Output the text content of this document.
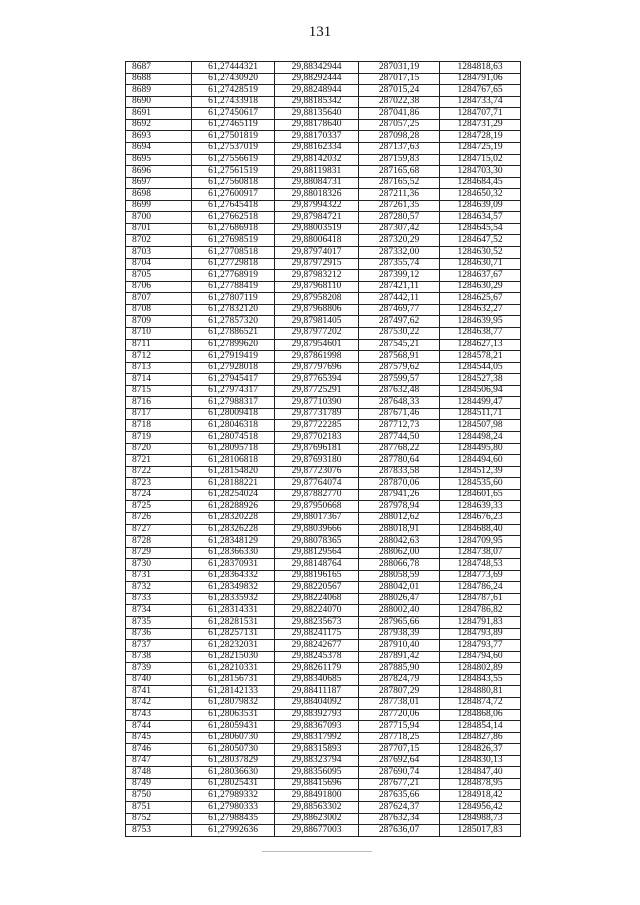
131
8687	61,27444321	29,88342944	287031,19	1284818,63
8688	61,27430920	29,88292444	287017,15	1284791,06
8689	61,27428519	29,88248944	287015,24	1284767,65
8690	61,27433918	29,88185342	287022,38	1284733,74
8691	61,27450617	29,88135640	287041,86	1284707,71
8692	61,27465119	29,88178640	287057,25	1284731,29
8693	61,27501819	29,88170337	287098,28	1284728,19
8694	61,27537019	29,88162334	287137,63	1284725,19
8695	61,27556619	29,88142032	287159,83	1284715,02
8696	61,27561519	29,88119831	287165,68	1284703,30
8697	61,27560818	29,88084731	287165,52	1284684,45
8698	61,27600917	29,88018326	287211,36	1284650,32
8699	61,27645418	29,87994322	287261,35	1284639,09
8700	61,27662518	29,87984721	287280,57	1284634,57
8701	61,27686918	29,88003519	287307,42	1284645,54
8702	61,27698519	29,88006418	287320,29	1284647,52
8703	61,27708518	29,87974017	287332,00	1284630,52
8704	61,27729818	29,87972915	287355,74	1284630,71
8705	61,27768919	29,87983212	287399,12	1284637,67
8706	61,27788419	29,87968110	287421,11	1284630,29
8707	61,27807119	29,87958208	287442,11	1284625,67
8708	61,27832120	29,87968806	287469,77	1284632,27
8709	61,27857320	29,87981405	287497,62	1284639,95
8710	61,27886521	29,87977202	287530,22	1284638,77
8711	61,27899620	29,87954601	287545,21	1284627,13
8712	61,27919419	29,87861998	287568,91	1284578,21
8713	61,27928018	29,87797696	287579,62	1284544,05
8714	61,27945417	29,87765394	287599,57	1284527,38
8715	61,27974317	29,87725291	287632,48	1284506,94
8716	61,27988317	29,87710390	287648,33	1284499,47
8717	61,28009418	29,87731789	287671,46	1284511,71
8718	61,28046318	29,87722285	287712,73	1284507,98
8719	61,28074518	29,87702183	287744,50	1284498,24
8720	61,28095718	29,87696181	287768,22	1284495,80
8721	61,28106818	29,87693180	287780,64	1284494,60
8722	61,28154820	29,87723076	287833,58	1284512,39
8723	61,28188221	29,87764074	287870,06	1284535,60
8724	61,28254024	29,87882770	287941,26	1284601,65
8725	61,28288926	29,87950668	287978,94	1284639,33
8726	61,28320228	29,88017367	288012,62	1284676,23
8727	61,28326228	29,88039666	288018,91	1284688,40
8728	61,28348129	29,88078365	288042,63	1284709,95
8729	61,28366330	29,88129564	288062,00	1284738,07
8730	61,28370931	29,88148764	288066,78	1284748,53
8731	61,28364332	29,88196165	288058,59	1284773,69
8732	61,28349832	29,88220567	288042,01	1284786,24
8733	61,28335932	29,88224068	288026,47	1284787,61
8734	61,28314331	29,88224070	288002,40	1284786,82
8735	61,28281531	29,88235673	287965,66	1284791,83
8736	61,28257131	29,88241175	287938,39	1284793,89
8737	61,28232031	29,88242677	287910,40	1284793,77
8738	61,28215030	29,88245378	287891,42	1284794,60
8739	61,28210331	29,88261179	287885,90	1284802,89
8740	61,28156731	29,88340685	287824,79	1284843,55
8741	61,28142133	29,88411187	287807,29	1284880,81
8742	61,28079832	29,88404092	287738,01	1284874,72
8743	61,28063531	29,88392793	287720,06	1284868,06
8744	61,28059431	29,88367093	287715,94	1284854,14
8745	61,28060730	29,88317992	287718,25	1284827,86
8746	61,28050730	29,88315893	287707,15	1284826,37
8747	61,28037829	29,88323794	287692,64	1284830,13
8748	61,28036630	29,88356095	287690,74	1284847,40
8749	61,28025431	29,88415696	287677,21	1284878,95
8750	61,27989332	29,88491800	287635,66	1284918,42
8751	61,27980333	29,88563302	287624,37	1284956,42
8752	61,27988435	29,88623002	287632,34	1284988,73
8753	61,27992636	29,88677003	287636,07	1285017,83
